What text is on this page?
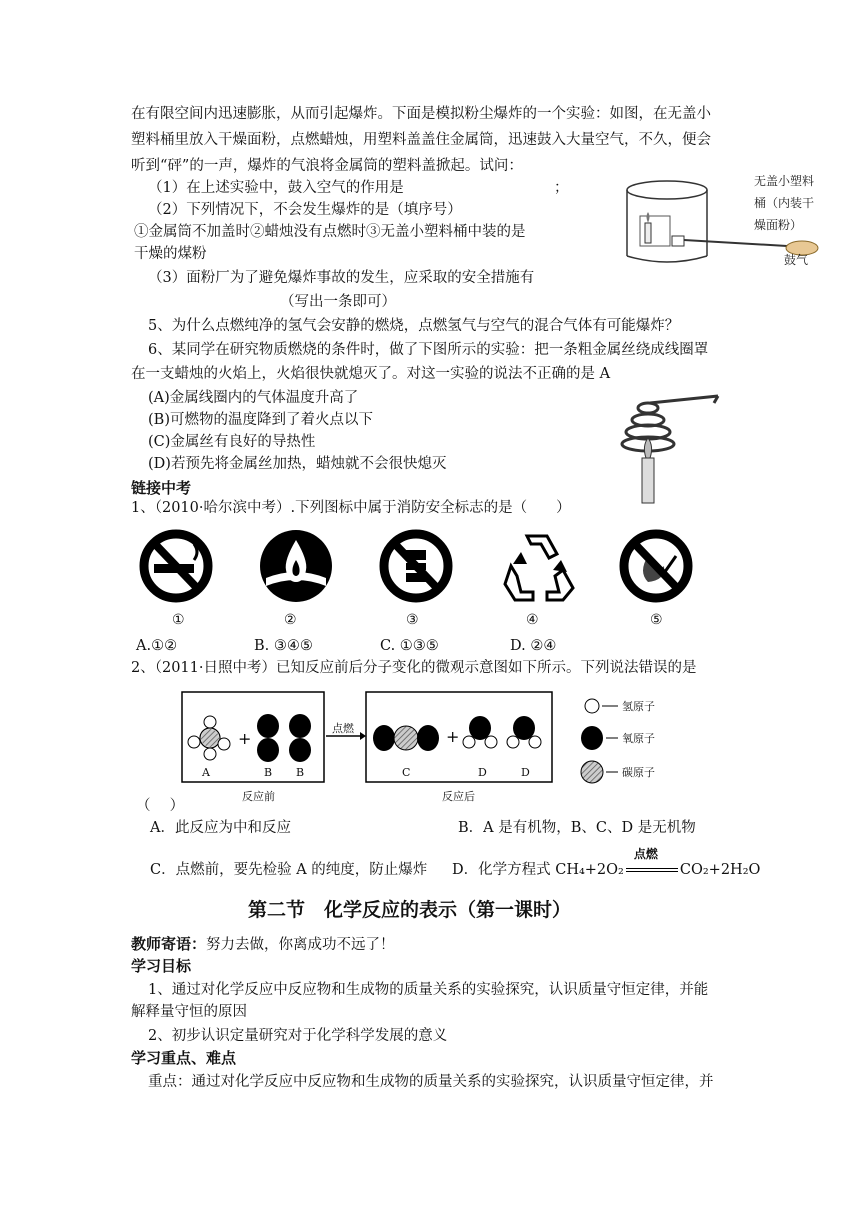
在有限空间内迅速膨胀，从而引起爆炸。下面是模拟粉尘爆炸的一个实验：如图，在无盖小
塑料桶里放入干燥面粉，点燃蜡烛，用塑料盖盖住金属筒，迅速鼓入大量空气，不久，便会
听到“砰”的一声，爆炸的气浪将金属筒的塑料盖掀起。试问：
（1）在上述实验中，鼓入空气的作用是	；
（2）下列情况下，不会发生爆炸的是（填序号）
①金属筒不加盖时②蜡烛没有点燃时③无盖小塑料桶中装的是
干燥的煤粉
（3）面粉厂为了避免爆炸事故的发生，应采取的安全措施有
（写出一条即可）
无盖小塑料
桶（内装干
燥面粉）
鼓气
5、为什么点燃纯净的氢气会安静的燃烧，点燃氢气与空气的混合气体有可能爆炸？
6、某同学在研究物质燃烧的条件时，做了下图所示的实验：把一条粗金属丝绕成线圈罩
在一支蜡烛的火焰上，火焰很快就熄灭了。对这一实验的说法不正确的是 A
(A)金属线圈内的气体温度升高了
(B)可燃物的温度降到了着火点以下
(C)金属丝有良好的导热性
(D)若预先将金属丝加热，蜡烛就不会很快熄灭
链接中考
1、（2010·哈尔滨中考）.下列图标中属于消防安全标志的是（　　）
①	②	③	④	⑤
A.①②	B. ③④⑤	C. ①③⑤	D. ②④
2、（2011·日照中考）已知反应前后分子变化的微观示意图如下所示。下列说法错误的是
+	+
A	B B	C	D	D
点燃
反应前	反应后
氢原子
氧原子
碳原子
（　 ）
A．此反应为中和反应	B．A 是有机物，B、C、D 是无机物
C．点燃前，要先检验 A 的纯度，防止爆炸 D．化学方程式 CH₄+2O₂
点燃
CO₂+2H₂O
第二节　化学反应的表示（第一课时）
教师寄语：努力去做，你离成功不远了！
学习目标
1、通过对化学反应中反应物和生成物的质量关系的实验探究，认识质量守恒定律，并能
解释量守恒的原因
2、初步认识定量研究对于化学科学发展的意义
学习重点、难点
重点：通过对化学反应中反应物和生成物的质量关系的实验探究，认识质量守恒定律，并
